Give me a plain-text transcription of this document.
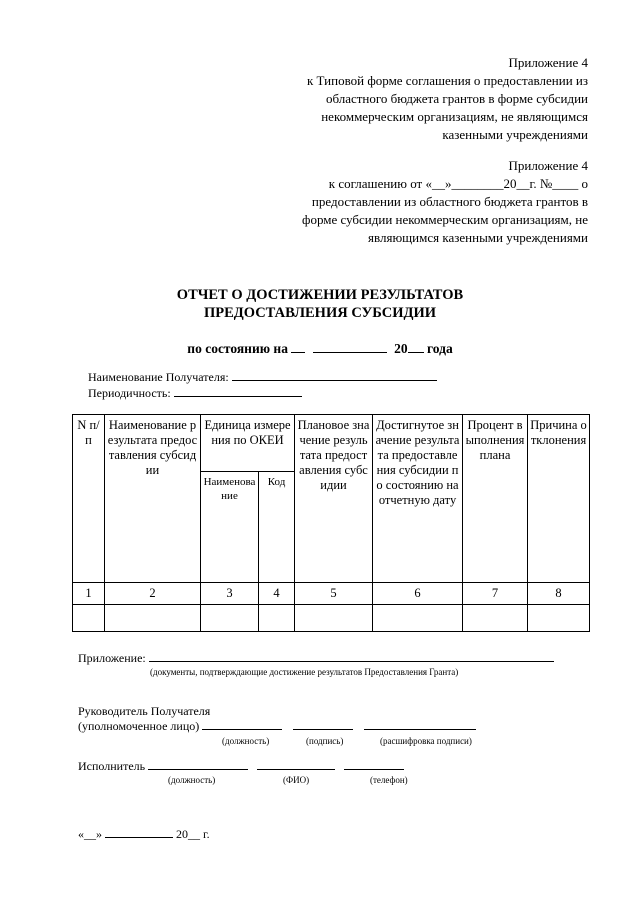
Приложение 4
к Типовой форме соглашения о предоставлении из
областного бюджета грантов в форме субсидии
некоммерческим организациям, не являющимся
казенными учреждениями
Приложение 4
к соглашению от «__»________20__г. №____ о
предоставлении из областного бюджета грантов в
форме субсидии некоммерческим организациям, не
являющимся казенными учреждениями
ОТЧЕТ О ДОСТИЖЕНИИ РЕЗУЛЬТАТОВ
ПРЕДОСТАВЛЕНИЯ СУБСИДИИ
по состоянию на	20 года
Наименование Получателя:
Периодичность:
N п/п	Наименование результата предоставления субсидии	Единица измерения по ОКЕИ		Плановое значение результата предоставления субсидии	Достигнутое значение результата предоставления субсидии по состоянию на отчетную дату	Процент выполнения плана	Причина отклонения
		Наименование	Код				
1	2	3	4	5	6	7	8

Приложение:
(документы, подтверждающие достижение результатов Предоставления Гранта)
Руководитель Получателя
(уполномоченное лицо)
(должность)	(подпись)	(расшифровка подписи)
Исполнитель
(должность)	(ФИО)	(телефон)
«__»	20__ г.
